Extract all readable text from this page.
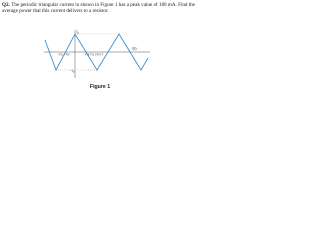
Q2. The periodic triangular current in shown in Figure 1 has a peak value of 180 mA. Find the average power that this current delivers to a resistor.
ip
t(s)
$-I_p$
−T/2 −T/4	T/4 T/2 3T/4 T
Figure 1
